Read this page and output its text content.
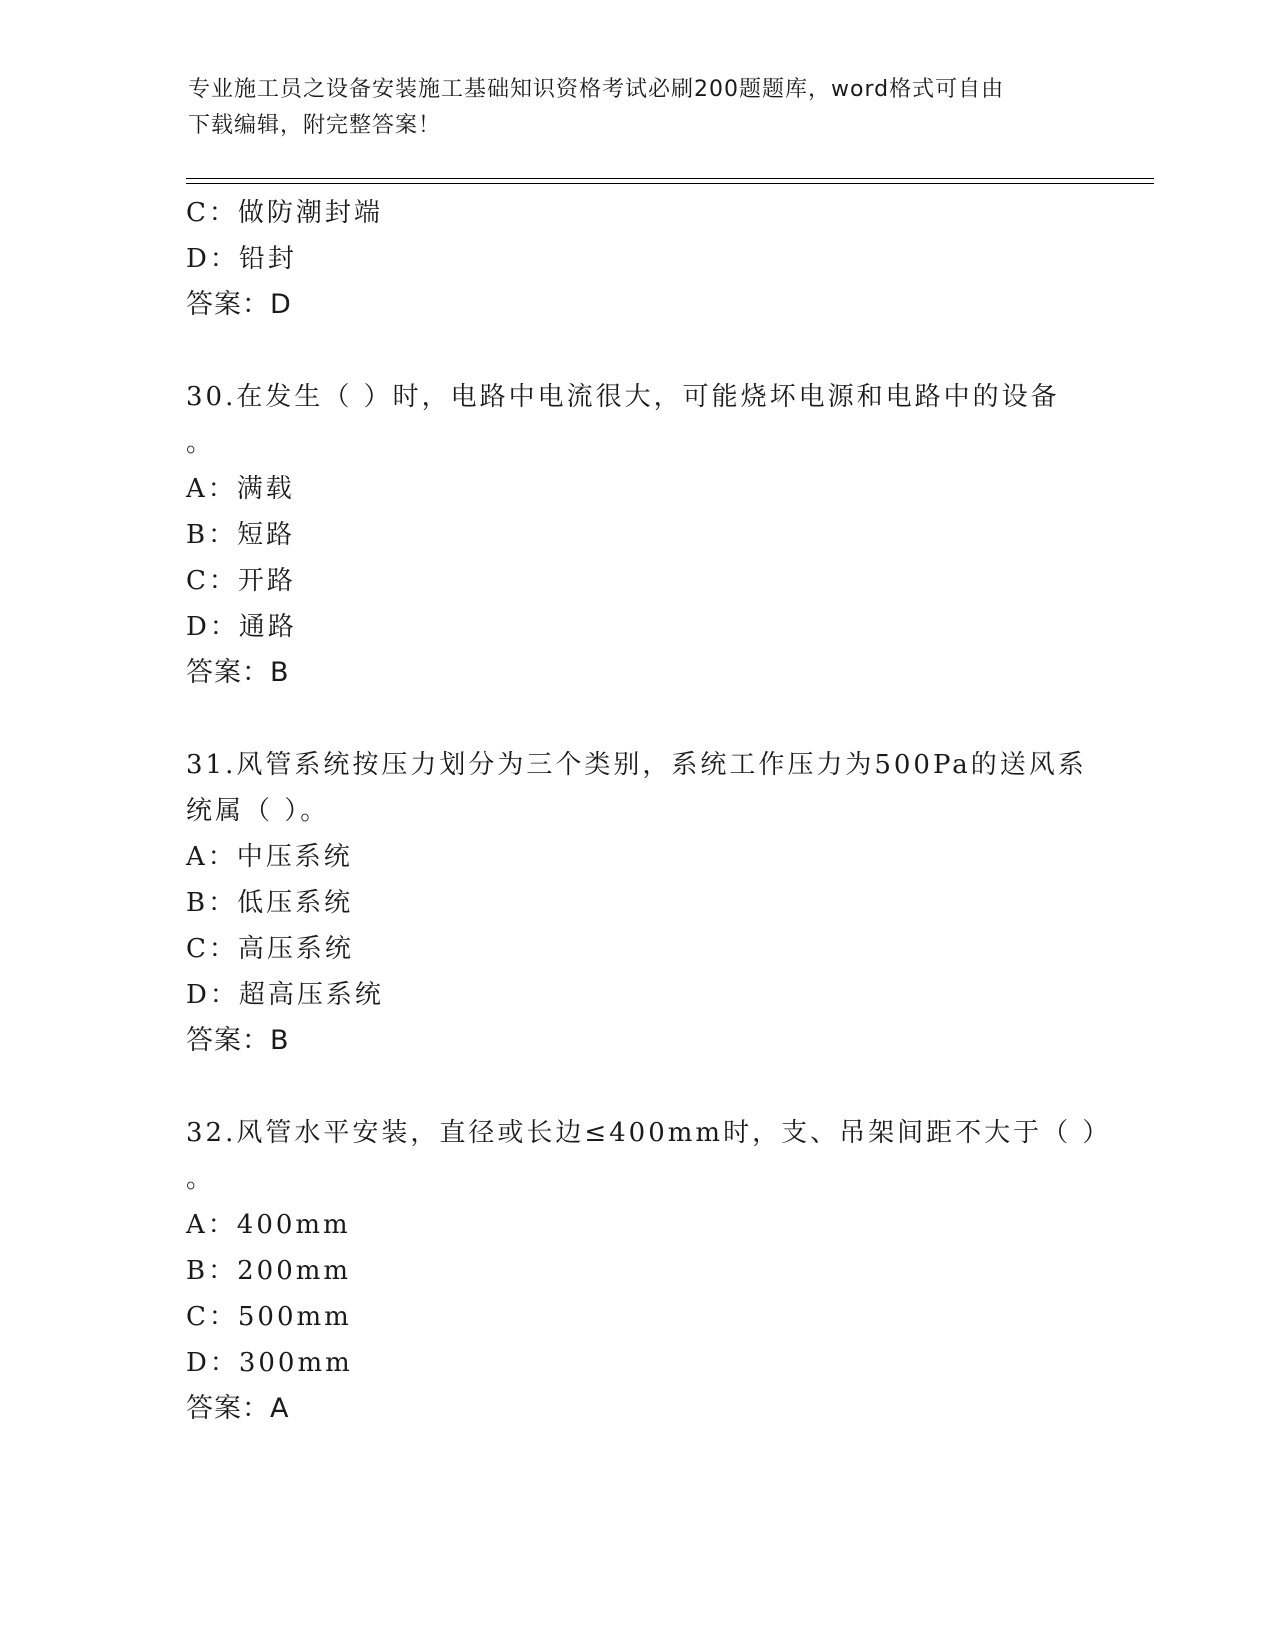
专业施工员之设备安装施工基础知识资格考试必刷200题题库，word格式可自由
下载编辑，附完整答案！
C：做防潮封端
D：铅封
答案：D
30.在发生（ ）时，电路中电流很大，可能烧坏电源和电路中的设备
。
A：满载
B：短路
C：开路
D：通路
答案：B
31.风管系统按压力划分为三个类别，系统工作压力为500Pa的送风系
统属（ ）。
A：中压系统
B：低压系统
C：高压系统
D：超高压系统
答案：B
32.风管水平安装，直径或长边≤400mm时，支、吊架间距不大于（ ）
。
A：400mm
B：200mm
C：500mm
D：300mm
答案：A
